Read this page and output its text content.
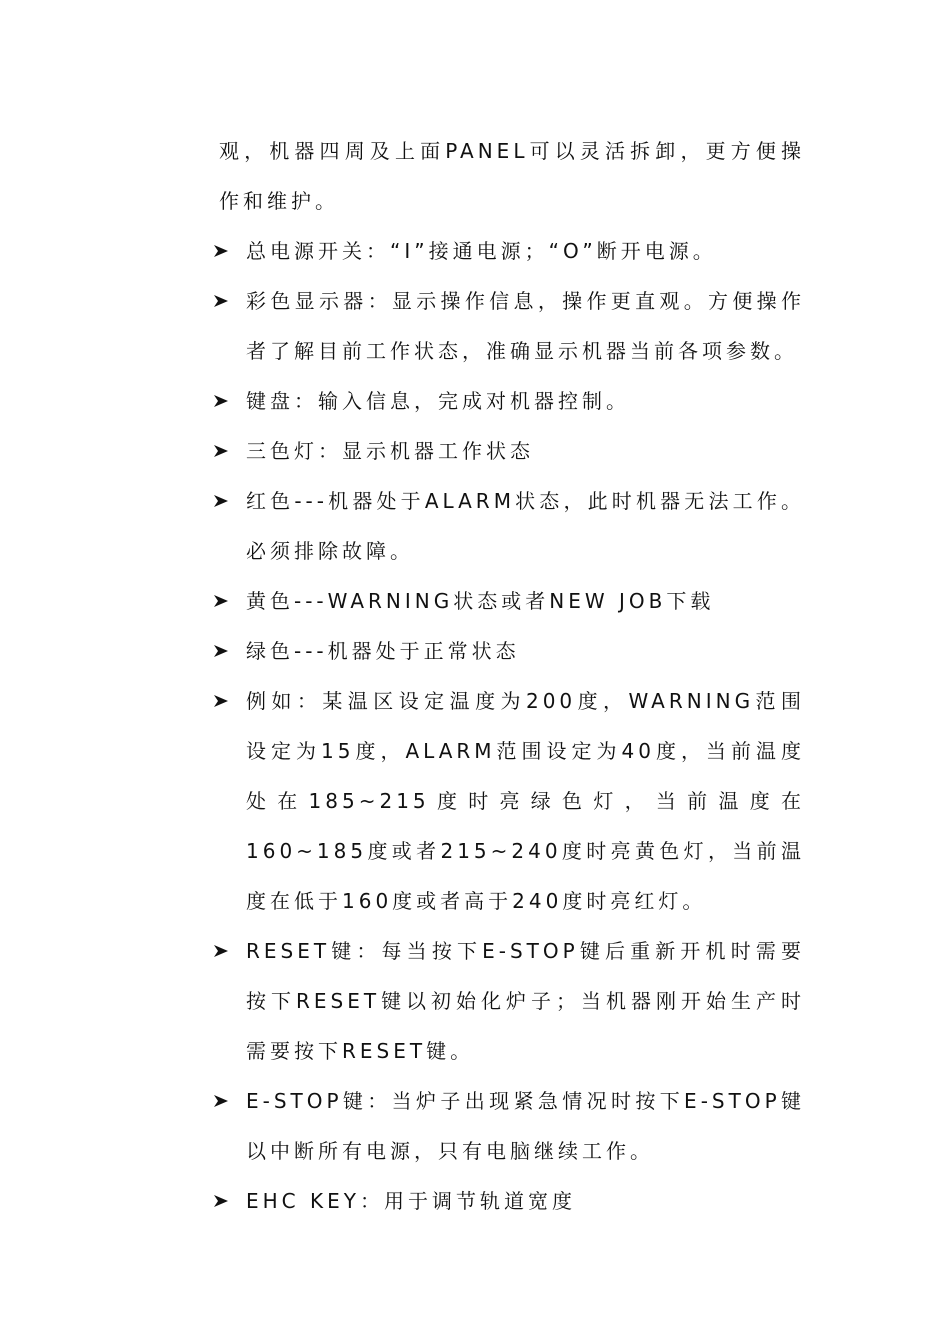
观，机器四周及上面PANEL可以灵活拆卸，更方便操作和维护。

总电源开关：“I”接通电源；“O”断开电源。
彩色显示器：显示操作信息，操作更直观。方便操作者了解目前工作状态，准确显示机器当前各项参数。
键盘：输入信息，完成对机器控制。
三色灯：显示机器工作状态
红色---机器处于ALARM状态，此时机器无法工作。必须排除故障。
黄色---WARNING状态或者NEW JOB下载
绿色---机器处于正常状态
例如：某温区设定温度为200度，WARNING范围设定为15度，ALARM范围设定为40度，当前温度处在185~215度时亮绿色灯，当前温度在160~185度或者215~240度时亮黄色灯，当前温度在低于160度或者高于240度时亮红灯。
RESET键：每当按下E-STOP键后重新开机时需要按下RESET键以初始化炉子；当机器刚开始生产时需要按下RESET键。
E-STOP键：当炉子出现紧急情况时按下E-STOP键以中断所有电源，只有电脑继续工作。
EHC KEY：用于调节轨道宽度
